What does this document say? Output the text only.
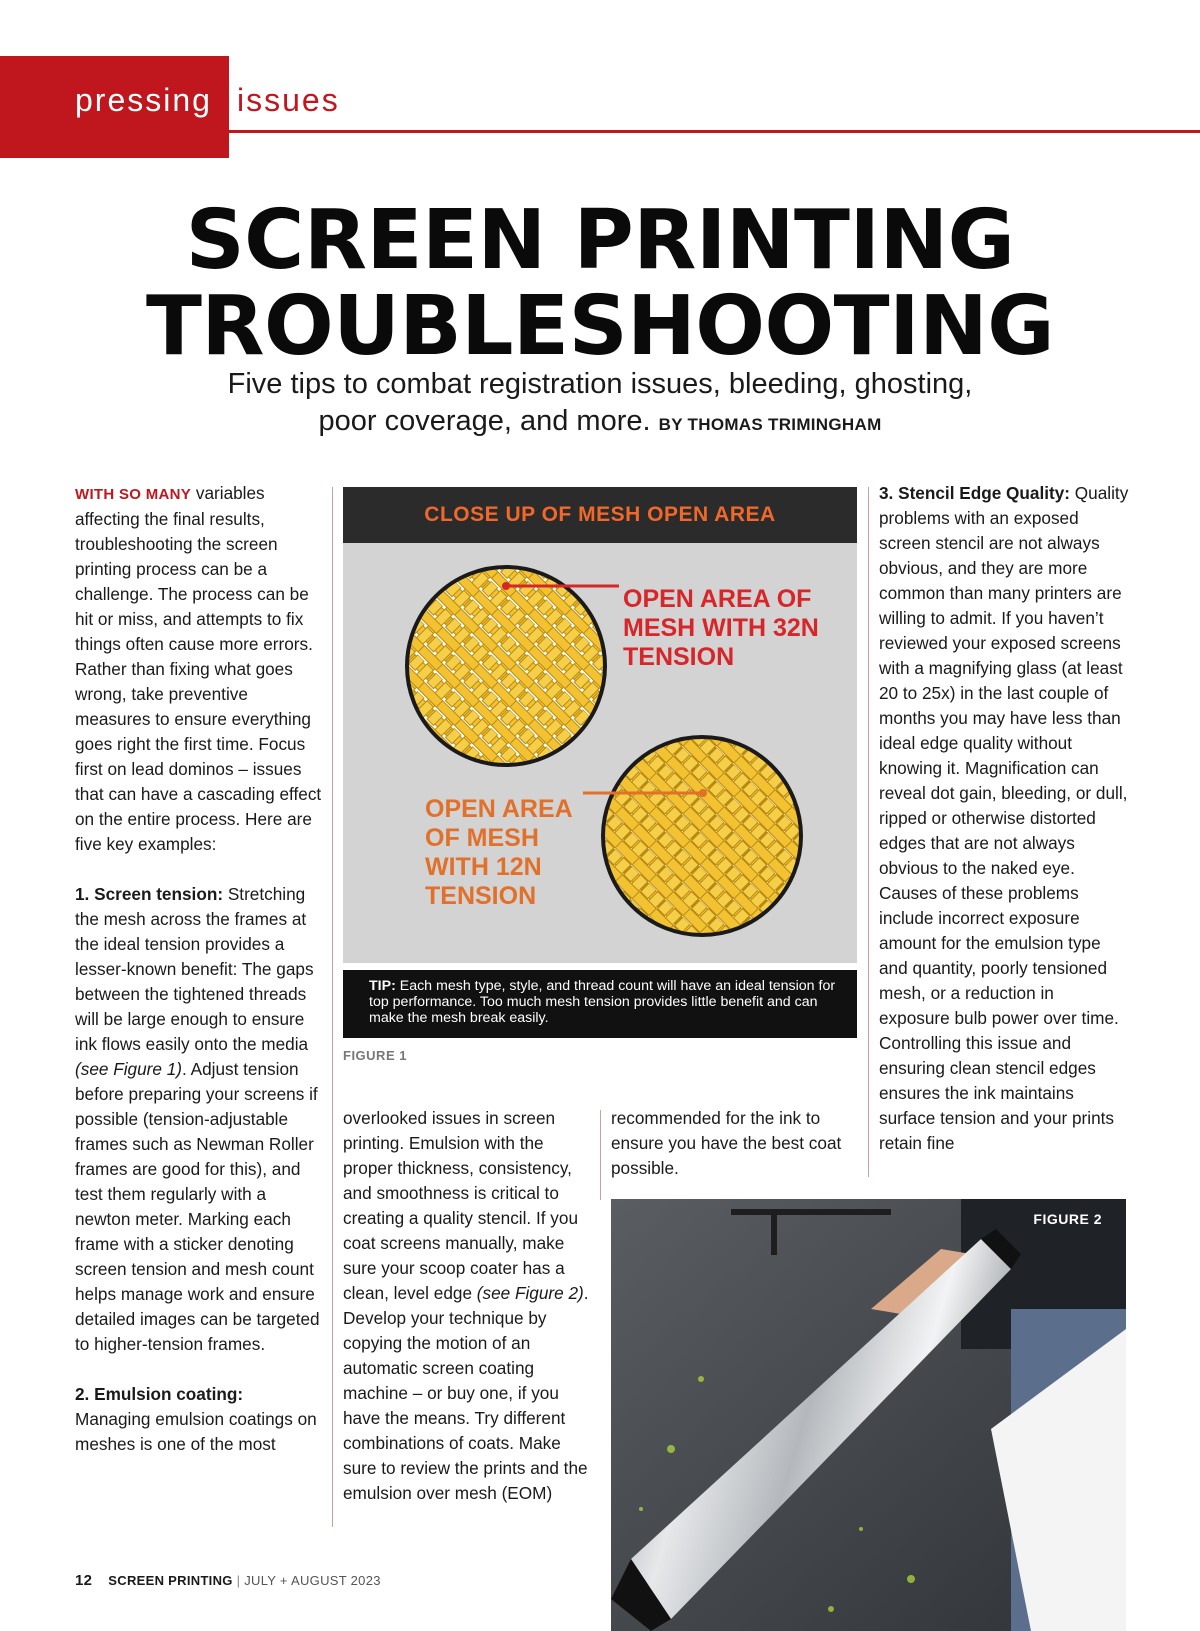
pressing issues
SCREEN PRINTING
TROUBLESHOOTING
Five tips to combat registration issues, bleeding, ghosting,
poor coverage, and more. BY THOMAS TRIMINGHAM

WITH SO MANY variables affecting the final results, troubleshooting the screen printing process can be a challenge. The process can be hit or miss, and attempts to fix things often cause more errors. Rather than fixing what goes wrong, take preventive measures to ensure everything goes right the first time. Focus first on lead dominos – issues that can have a cascading effect on the entire process. Here are five key examples:

1. Screen tension: Stretching the mesh across the frames at the ideal tension provides a lesser-known benefit: The gaps between the tightened threads will be large enough to ensure ink flows easily onto the media (see Figure 1). Adjust tension before preparing your screens if possible (tension-adjustable frames such as Newman Roller frames are good for this), and test them regularly with a newton meter. Marking each frame with a sticker denoting screen tension and mesh count helps manage work and ensure detailed images can be targeted to higher-tension frames.

2. Emulsion coating: Managing emulsion coatings on meshes is one of the most

CLOSE UP OF MESH OPEN AREA
OPEN AREA OF MESH WITH 32N TENSION
OPEN AREA OF MESH WITH 12N TENSION
TIP: Each mesh type, style, and thread count will have an ideal tension for top performance. Too much mesh tension provides little benefit and can make the mesh break easily.
FIGURE 1

overlooked issues in screen printing. Emulsion with the proper thickness, consistency, and smoothness is critical to creating a quality stencil. If you coat screens manually, make sure your scoop coater has a clean, level edge (see Figure 2). Develop your technique by copying the motion of an automatic screen coating machine – or buy one, if you have the means. Try different combinations of coats. Make sure to review the prints and the emulsion over mesh (EOM)

recommended for the ink to ensure you have the best coat possible.

3. Stencil Edge Quality: Quality problems with an exposed screen stencil are not always obvious, and they are more common than many printers are willing to admit. If you haven’t reviewed your exposed screens with a magnifying glass (at least 20 to 25x) in the last couple of months you may have less than ideal edge quality without knowing it. Magnification can reveal dot gain, bleeding, or dull, ripped or otherwise distorted edges that are not always obvious to the naked eye. Causes of these problems include incorrect exposure amount for the emulsion type and quantity, poorly tensioned mesh, or a reduction in exposure bulb power over time. Controlling this issue and ensuring clean stencil edges ensures the ink maintains surface tension and your prints retain fine

FIGURE 2
12 SCREEN PRINTING | JULY + AUGUST 2023
